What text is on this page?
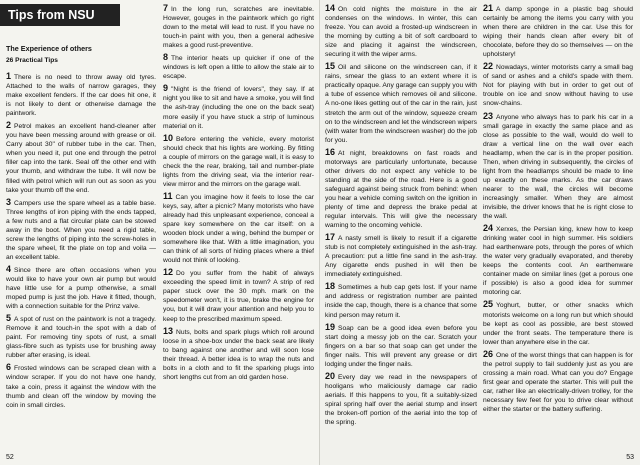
Tips from NSU
The Experience of others
26 Practical Tips
1 There is no need to throw away old tyres. Attached to the walls of narrow garages, they make excellent fenders. If the car does hit one, it is not likely to dent or otherwise damage the paintwork.
2 Petrol makes an excellent hand-cleaner after you have been messing around with grease or oil. Carry about 30" of rubber tube in the car. Then, when you need it, put one end through the petrol filler cap into the tank. Seal off the other end with your thumb, and withdraw the tube. It will now be filled with petrol which will run out as soon as you take your thumb off the end.
3 Campers use the spare wheel as a table base. Three lengths of iron piping with the ends tapped, a few nuts and a flat circular plate can be stowed away in the boot. When you need a rigid table, screw the lengths of piping into the screw-holes in the spare wheel, fit the plate on top and voila — an excellent table.
4 Since there are often occasions when you would like to have your own air pump but would have little use for a pump otherwise, a small moped pump is just the job. Have it fitted, though, with a connection suitable for the Prinz valve.
5 A spot of rust on the paintwork is not a tragedy. Remove it and touch-in the spot with a dab of paint. For removing tiny spots of rust, a small glass-fibre such as typists use for brushing away rubber after erasing, is ideal.
6 Frosted windows can be scraped clean with a window scraper. If you do not have one handy, take a coin, press it against the window with the thumb and clean off the window by moving the coin in small circles.
7 In the long run, scratches are inevitable. However, gouges in the paintwork which go right down to the metal will lead to rust. If you have no touch-in paint with you, then a general adhesive makes a good rust-preventive.
8 The interior heats up quicker if one of the windows is left open a little to allow the stale air to escape.
9 "Night is the friend of lovers", they say. If at night you like to sit and have a smoke, you will find the ash-tray (including the one on the back seat) more easily if you have stuck a strip of luminous material on it.
10 Before entering the vehicle, every motorist should check that his lights are working. By fitting a couple of mirrors on the garage wall, it is easy to check the the rear, braking, tail and number-plate lights from the driving seat, via the interior rear-view mirror and the mirrors on the garage wall.
11 Can you imagine how it feels to lose the car keys, say, after a picnic? Many motorists who have already had this unpleasant experience, conceal a spare key somewhere on the car itself: on a wooden block under a wing, behind the bumper or somewhere like that. With a little imagination, you can think of all sorts of hiding places where a thief would not think of looking.
12 Do you suffer from the habit of always exceeding the speed limit in town? A strip of red paper stuck over the 30 mph. mark on the speedometer won't, it is true, brake the engine for you, but it will draw your attention and help you to keep to the prescribed maximum speed.
13 Nuts, bolts and spark plugs which roll around loose in a shoe-box under the back seat are likely to bang against one another and will soon lose their thread. A better idea is to wrap the nuts and bolts in a cloth and to fit the sparking plugs into short lengths cut from an old garden hose.
52
14 On cold nights the moisture in the air condenses on the windows. In winter, this can freeze. You can avoid a frosted-up windscreen in the morning by cutting a bit of soft cardboard to size and placing it against the windscreen, securing it with the wiper arms.
15 Oil and silicone on the windscreen can, if it rains, smear the glass to an extent where it is practically opaque. Any garage can supply you with a tube of essence which removes oil and silicone. A no-one likes getting out of the car in the rain, just stretch the arm out of the window, squeeze cream on to the windscreen and let the windscreen wipers (with water from the windscreen washer) do the job for you.
16 At night, breakdowns on fast roads and motorways are particularly unfortunate, because other drivers do not expect any vehicle to be standing at the side of the road. Here is a good safeguard against being struck from behind: when you hear a vehicle coming switch on the ignition in plenty of time and depress the brake pedal at regular intervals. This will give the necessary warning to the oncoming vehicle.
17 A nasty smell is likely to result if a cigarette stub is not completely extinguished in the ash-tray. A precaution: put a little fine sand in the ash-tray. Any cigarette ends pushed in will then be immediately extinguished.
18 Sometimes a hub cap gets lost. If your name and address or registration number are painted inside the cap, though, there is a chance that some kind person may return it.
19 Soap can be a good idea even before you start doing a messy job on the car. Scratch your fingers on a bar so that soap can get under the finger nails. This will prevent any grease or dirt lodging under the finger nails.
20 Every day we read in the newspapers of hooligans who maliciously damage car radio aerials. If this happens to you, fit a suitably-sized spiral spring half over the aerial stump and insert the broken-off portion of the aerial into the top of the spring.
21 A damp sponge in a plastic bag should certainly be among the items you carry with you when there are children in the car. Use this for wiping their hands clean after every bit of chocolate, before they do so themselves — on the upholstery!
22 Nowadays, winter motorists carry a small bag of sand or ashes and a child's spade with them. Not for playing with but in order to get out of trouble on ice and snow without having to use snow-chains.
23 Anyone who always has to park his car in a small garage in exactly the same place and as close as possible to the wall, would do well to draw a vertical line on the wall over each headlamp, when the car is in the proper position. Then, when driving in subsequently, the circles of light from the headlamps should be made to line up exactly on these marks. As the car draws nearer to the wall, the circles will become increasingly smaller. When they are almost invisible, the driver knows that he is right close to the wall.
24 Xerxes, the Persian king, knew how to keep drinking water cool in high summer. His soldiers had earthenware pots, through the pores of which the water very gradually evaporated, and thereby keeps the contents cool. An earthenware container made on similar lines (get a porous one if possible) is also a good idea for summer motoring car.
25 Yoghurt, butter, or other snacks which motorists welcome on a long run but which should be kept as cool as possible, are best stowed under the front seats. The temperature there is lower than anywhere else in the car.
26 One of the worst things that can happen is for the petrol supply to fail suddenly just as you are crossing a main road. What can you do? Engage first gear and operate the starter. This will pull the car, rather like an electrically-driven trolley, for the necessary few feet for you to drive clear without either the starter or the battery suffering.
53
